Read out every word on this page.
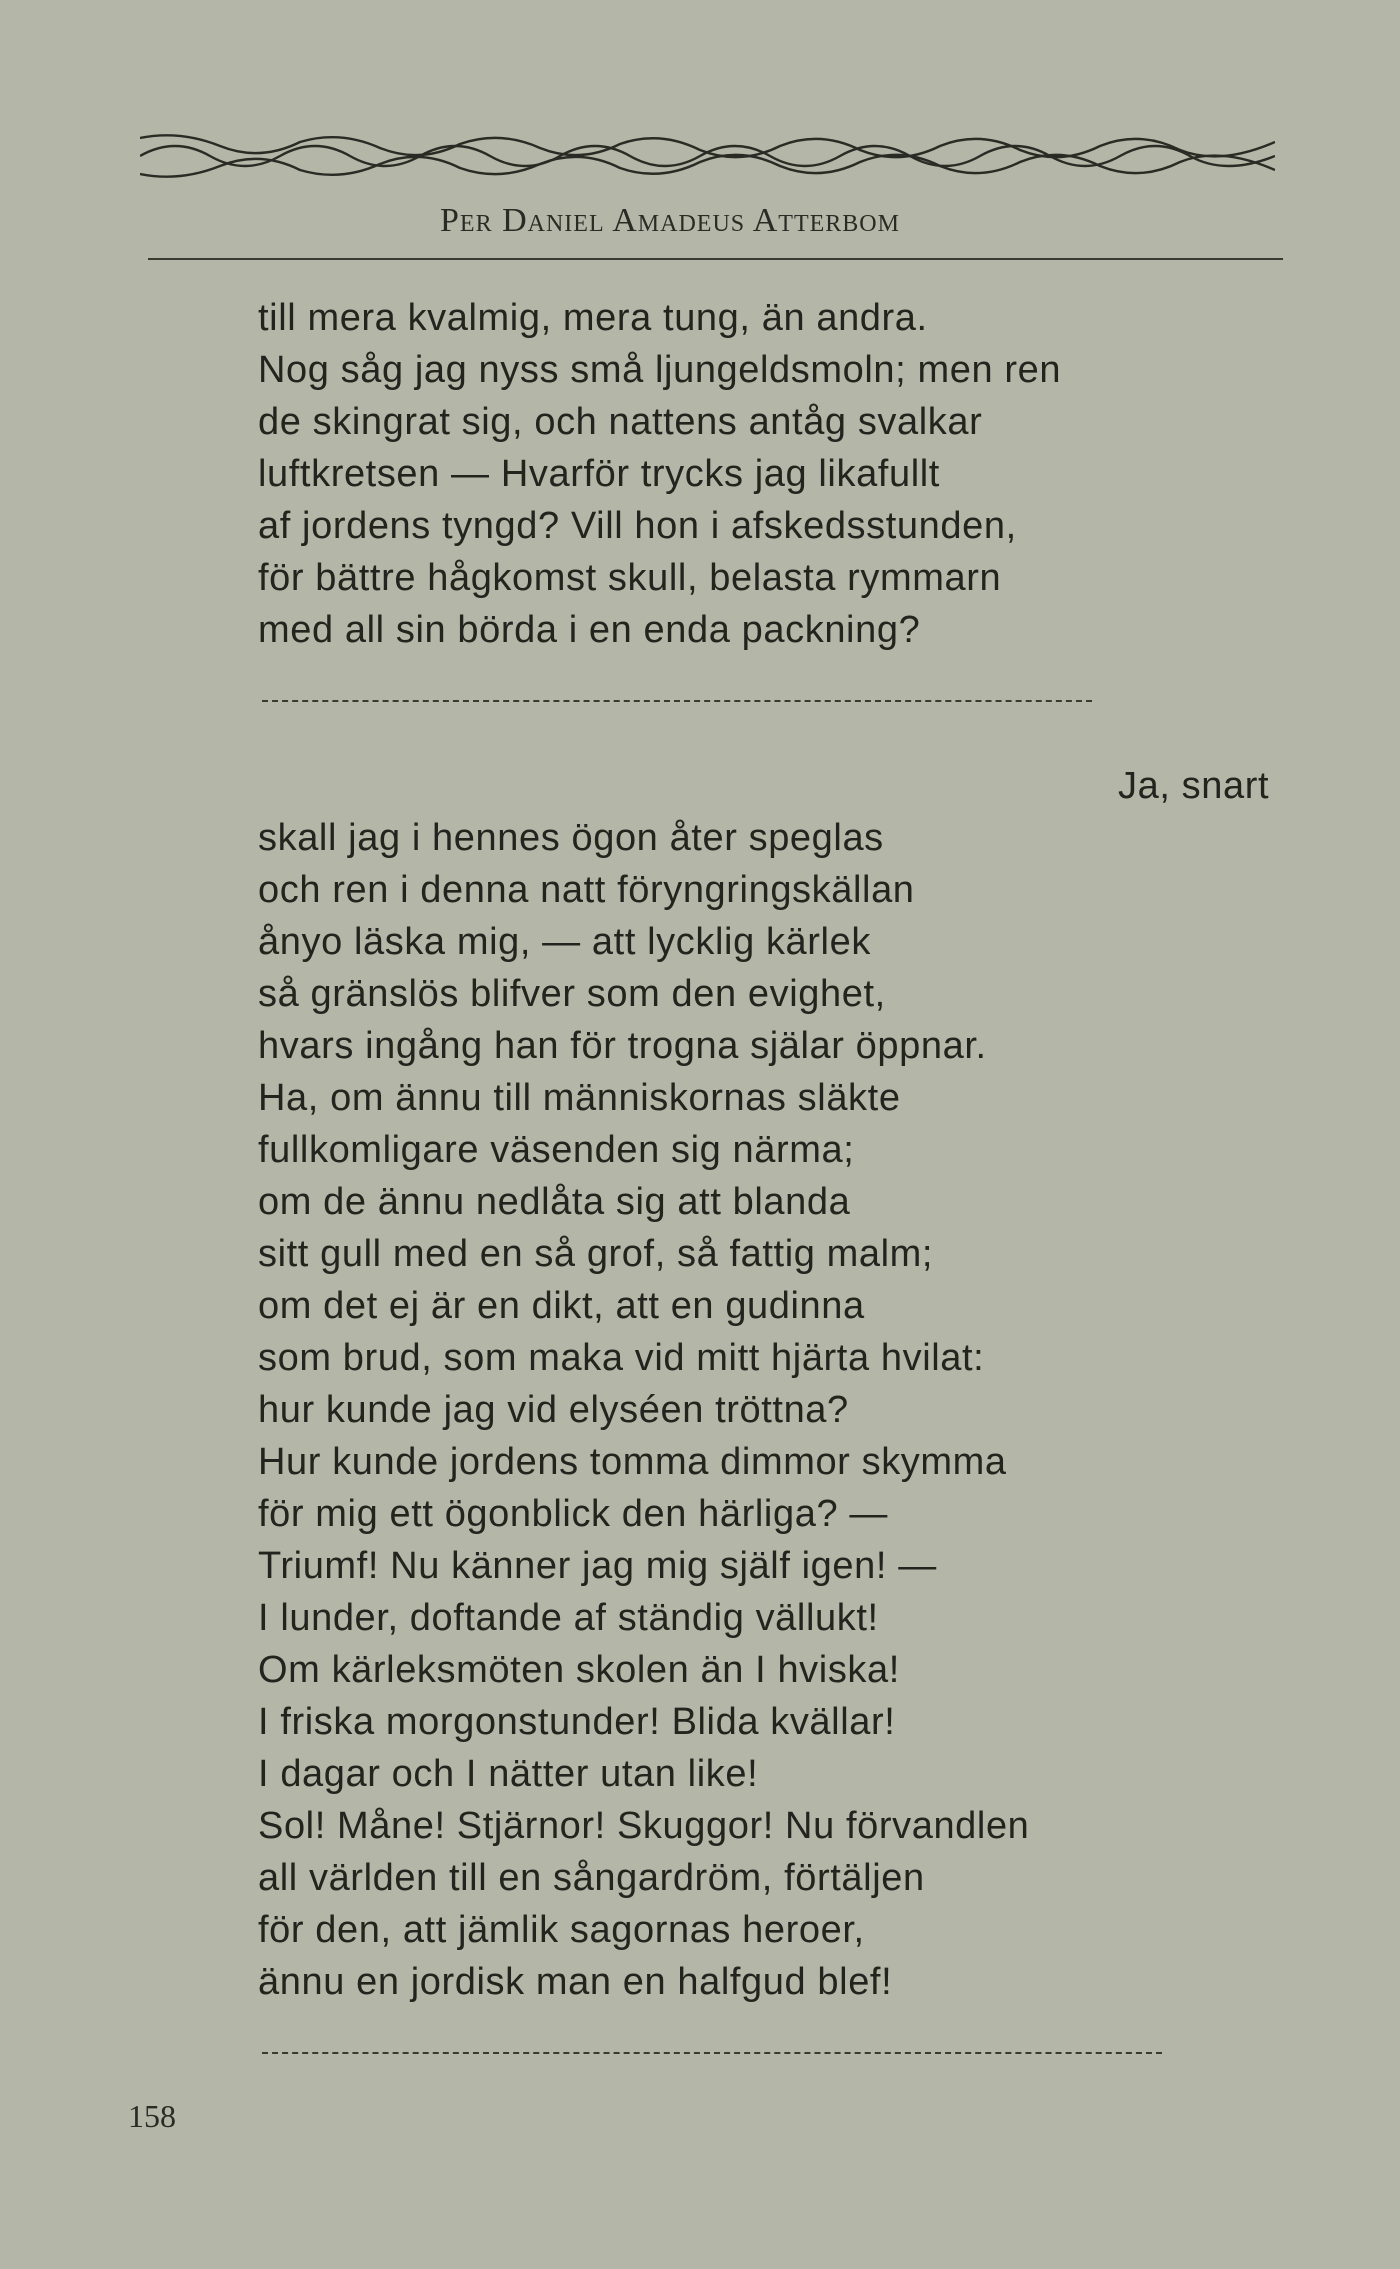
Per Daniel Amadeus Atterbom
till mera kvalmig, mera tung, än andra.
Nog såg jag nyss små ljungeldsmoln; men ren
de skingrat sig, och nattens antåg svalkar
luftkretsen — Hvarför trycks jag likafullt
af jordens tyngd? Vill hon i afskedsstunden,
för bättre hågkomst skull, belasta rymmarn
med all sin börda i en enda packning?
Ja, snart
skall jag i hennes ögon åter speglas
och ren i denna natt föryngringskällan
ånyo läska mig, — att lycklig kärlek
så gränslös blifver som den evighet,
hvars ingång han för trogna själar öppnar.
Ha, om ännu till människornas släkte
fullkomligare väsenden sig närma;
om de ännu nedlåta sig att blanda
sitt gull med en så grof, så fattig malm;
om det ej är en dikt, att en gudinna
som brud, som maka vid mitt hjärta hvilat:
hur kunde jag vid elyséen tröttna?
Hur kunde jordens tomma dimmor skymma
för mig ett ögonblick den härliga? —
Triumf! Nu känner jag mig själf igen! —
I lunder, doftande af ständig vällukt!
Om kärleksmöten skolen än I hviska!
I friska morgonstunder! Blida kvällar!
I dagar och I nätter utan like!
Sol! Måne! Stjärnor! Skuggor! Nu förvandlen
all världen till en sångardröm, förtäljen
för den, att jämlik sagornas heroer,
ännu en jordisk man en halfgud blef!
158
